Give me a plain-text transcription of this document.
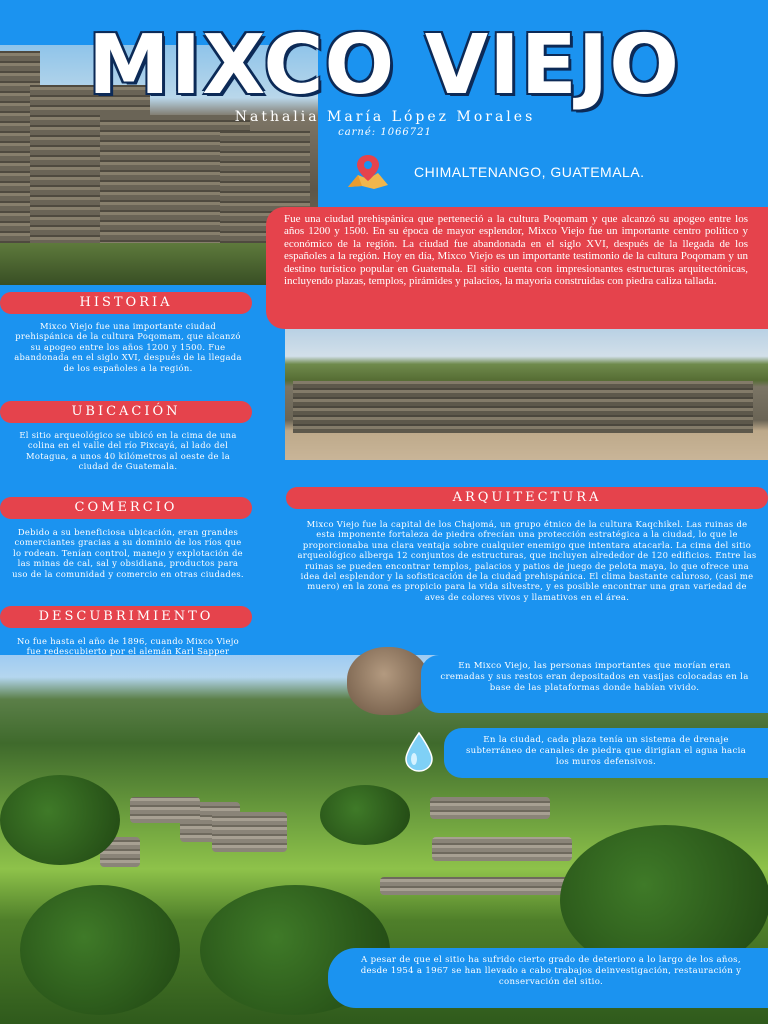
MIXCO VIEJO
Nathalia María López Morales
carné: 1066721
CHIMALTENANGO, GUATEMALA.
Fue una ciudad prehispánica que perteneció a la cultura Poqomam y que alcanzó su apogeo entre los años 1200 y 1500. En su época de mayor esplendor, Mixco Viejo fue un importante centro político y económico de la región. La ciudad fue abandonada en el siglo XVI, después de la llegada de los españoles a la región. Hoy en día, Mixco Viejo es un importante testimonio de la cultura Poqomam y un destino turístico popular en Guatemala. El sitio cuenta con impresionantes estructuras arquitectónicas, incluyendo plazas, templos, pirámides y palacios, la mayoría construidas con piedra caliza tallada.
HISTORIA
Mixco Viejo fue una importante ciudad prehispánica de la cultura Poqomam, que alcanzó su apogeo entre los años 1200 y 1500. Fue abandonada en el siglo XVI, después de la llegada de los españoles a la región.
UBICACIÓN
El sitio arqueológico se ubicó en la cima de una colina en el valle del río Pixcayá, al lado del Motagua, a unos 40 kilómetros al oeste de la ciudad de Guatemala.
COMERCIO
Debido a su beneficiosa ubicación, eran grandes comerciantes gracias a su dominio de los ríos que lo rodean. Tenían control, manejo y explotación de las minas de cal, sal y obsidiana, productos para uso de la comunidad y comercio en otras ciudades.
DESCUBRIMIENTO
No fue hasta el año de 1896, cuando Mixco Viejo fue redescubierto por el alemán Karl Sapper
ARQUITECTURA
Mixco Viejo fue la capital de los Chajomá, un grupo étnico de la cultura Kaqchikel. Las ruinas de esta imponente fortaleza de piedra ofrecían una protección estratégica a la ciudad, lo que le proporcionaba una clara ventaja sobre cualquier enemigo que intentara atacarla. La cima del sitio arqueológico alberga 12 conjuntos de estructuras, que incluyen alrededor de 120 edificios. Entre las ruinas se pueden encontrar templos, palacios y patios de juego de pelota maya, lo que ofrece una idea del esplendor y la sofisticación de la ciudad prehispánica. El clima bastante caluroso, (casi me muero) en la zona es propicio para la vida silvestre, y es posible encontrar una gran variedad de aves de colores vivos y llamativos en el área.
En Mixco Viejo, las personas importantes que morían eran cremadas y sus restos eran depositados en vasijas colocadas en la base de las plataformas donde habían vivido.
En la ciudad, cada plaza tenía un sistema de drenaje subterráneo de canales de piedra que dirigían el agua hacia los muros defensivos.
A pesar de que el sitio ha sufrido cierto grado de deterioro a lo largo de los años, desde 1954 a 1967 se han llevado a cabo trabajos deinvestigación, restauración y conservación del sitio.
